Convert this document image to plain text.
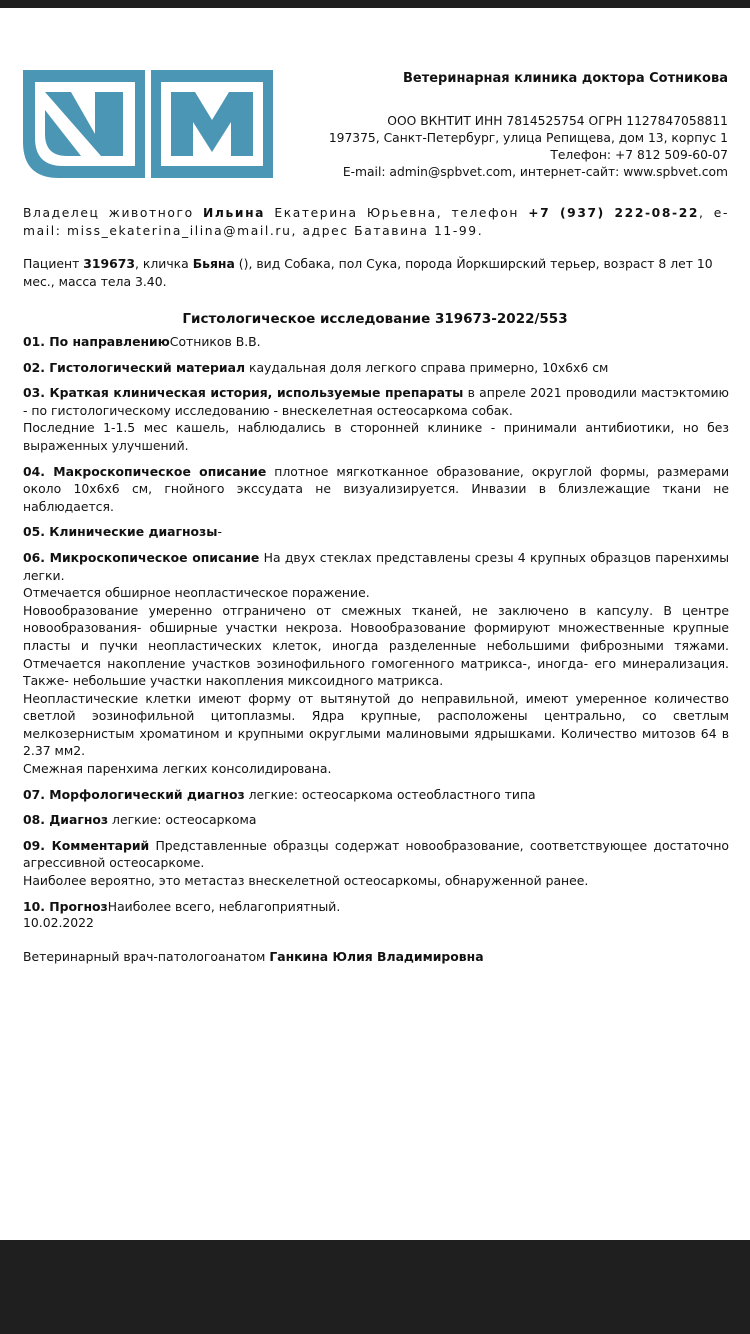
Ветеринарная клиника доктора Сотникова
ООО ВКНТИТ ИНН 7814525754 ОГРН 1127847058811
197375, Санкт-Петербург, улица Репищева, дом 13, корпус 1
Телефон: +7 812 509-60-07
E-mail: admin@spbvet.com, интернет-сайт: www.spbvet.com
Владелец животного Ильина Екатерина Юрьевна, телефон +7 (937) 222-08-22, e-mail: miss_ekaterina_ilina@mail.ru, адрес Батавина 11-99.
Пациент 319673, кличка Бьяна (), вид Собака, пол Сука, порода Йоркширский терьер, возраст 8 лет 10 мес., масса тела 3.40.
Гистологическое исследование 319673-2022/553
01. По направлениюСотников В.В.
02. Гистологический материал каудальная доля легкого справа примерно, 10х6х6 см

03. Краткая клиническая история, используемые препараты в апреле 2021 проводили мастэктомию - по гистологическому исследованию - внескелетная остеосаркома собак.

Последние 1-1.5 мес кашель, наблюдались в сторонней клинике - принимали антибиотики, но без выраженных улучшений.

04. Макроскопическое описание плотное мягкотканное образование, округлой формы, размерами около 10х6х6 см, гнойного экссудата не визуализируется. Инвазии в близлежащие ткани не наблюдается.
05. Клинические диагнозы-

06. Микроскопическое описание На двух стеклах представлены срезы 4 крупных образцов паренхимы легки.

Отмечается обширное неопластическое поражение.

Новообразование умеренно отграничено от смежных тканей, не заключено в капсулу. В центре новообразования- обширные участки некроза. Новообразование формируют множественные крупные пласты и пучки неопластических клеток, иногда разделенные небольшими фиброзными тяжами. Отмечается накопление участков эозинофильного гомогенного матрикса-, иногда- его минерализация. Также- небольшие участки накопления миксоидного матрикса.

Неопластические клетки имеют форму от вытянутой до неправильной, имеют умеренное количество светлой эозинофильной цитоплазмы. Ядра крупные, расположены центрально, со светлым мелкозернистым хроматином и крупными округлыми малиновыми ядрышками. Количество митозов 64 в 2.37 мм2.

Смежная паренхима легких консолидирована.

07. Морфологический диагноз легкие: остеосаркома остеобластного типа
08. Диагноз легкие: остеосаркома

09. Комментарий Представленные образцы содержат новообразование, соответствующее достаточно агрессивной остеосаркоме.

Наиболее вероятно, это метастаз внескелетной остеосаркомы, обнаруженной ранее.

10. ПрогнозНаиболее всего, неблагоприятный.
10.02.2022
Ветеринарный врач-патологоанатом Ганкина Юлия Владимировна
